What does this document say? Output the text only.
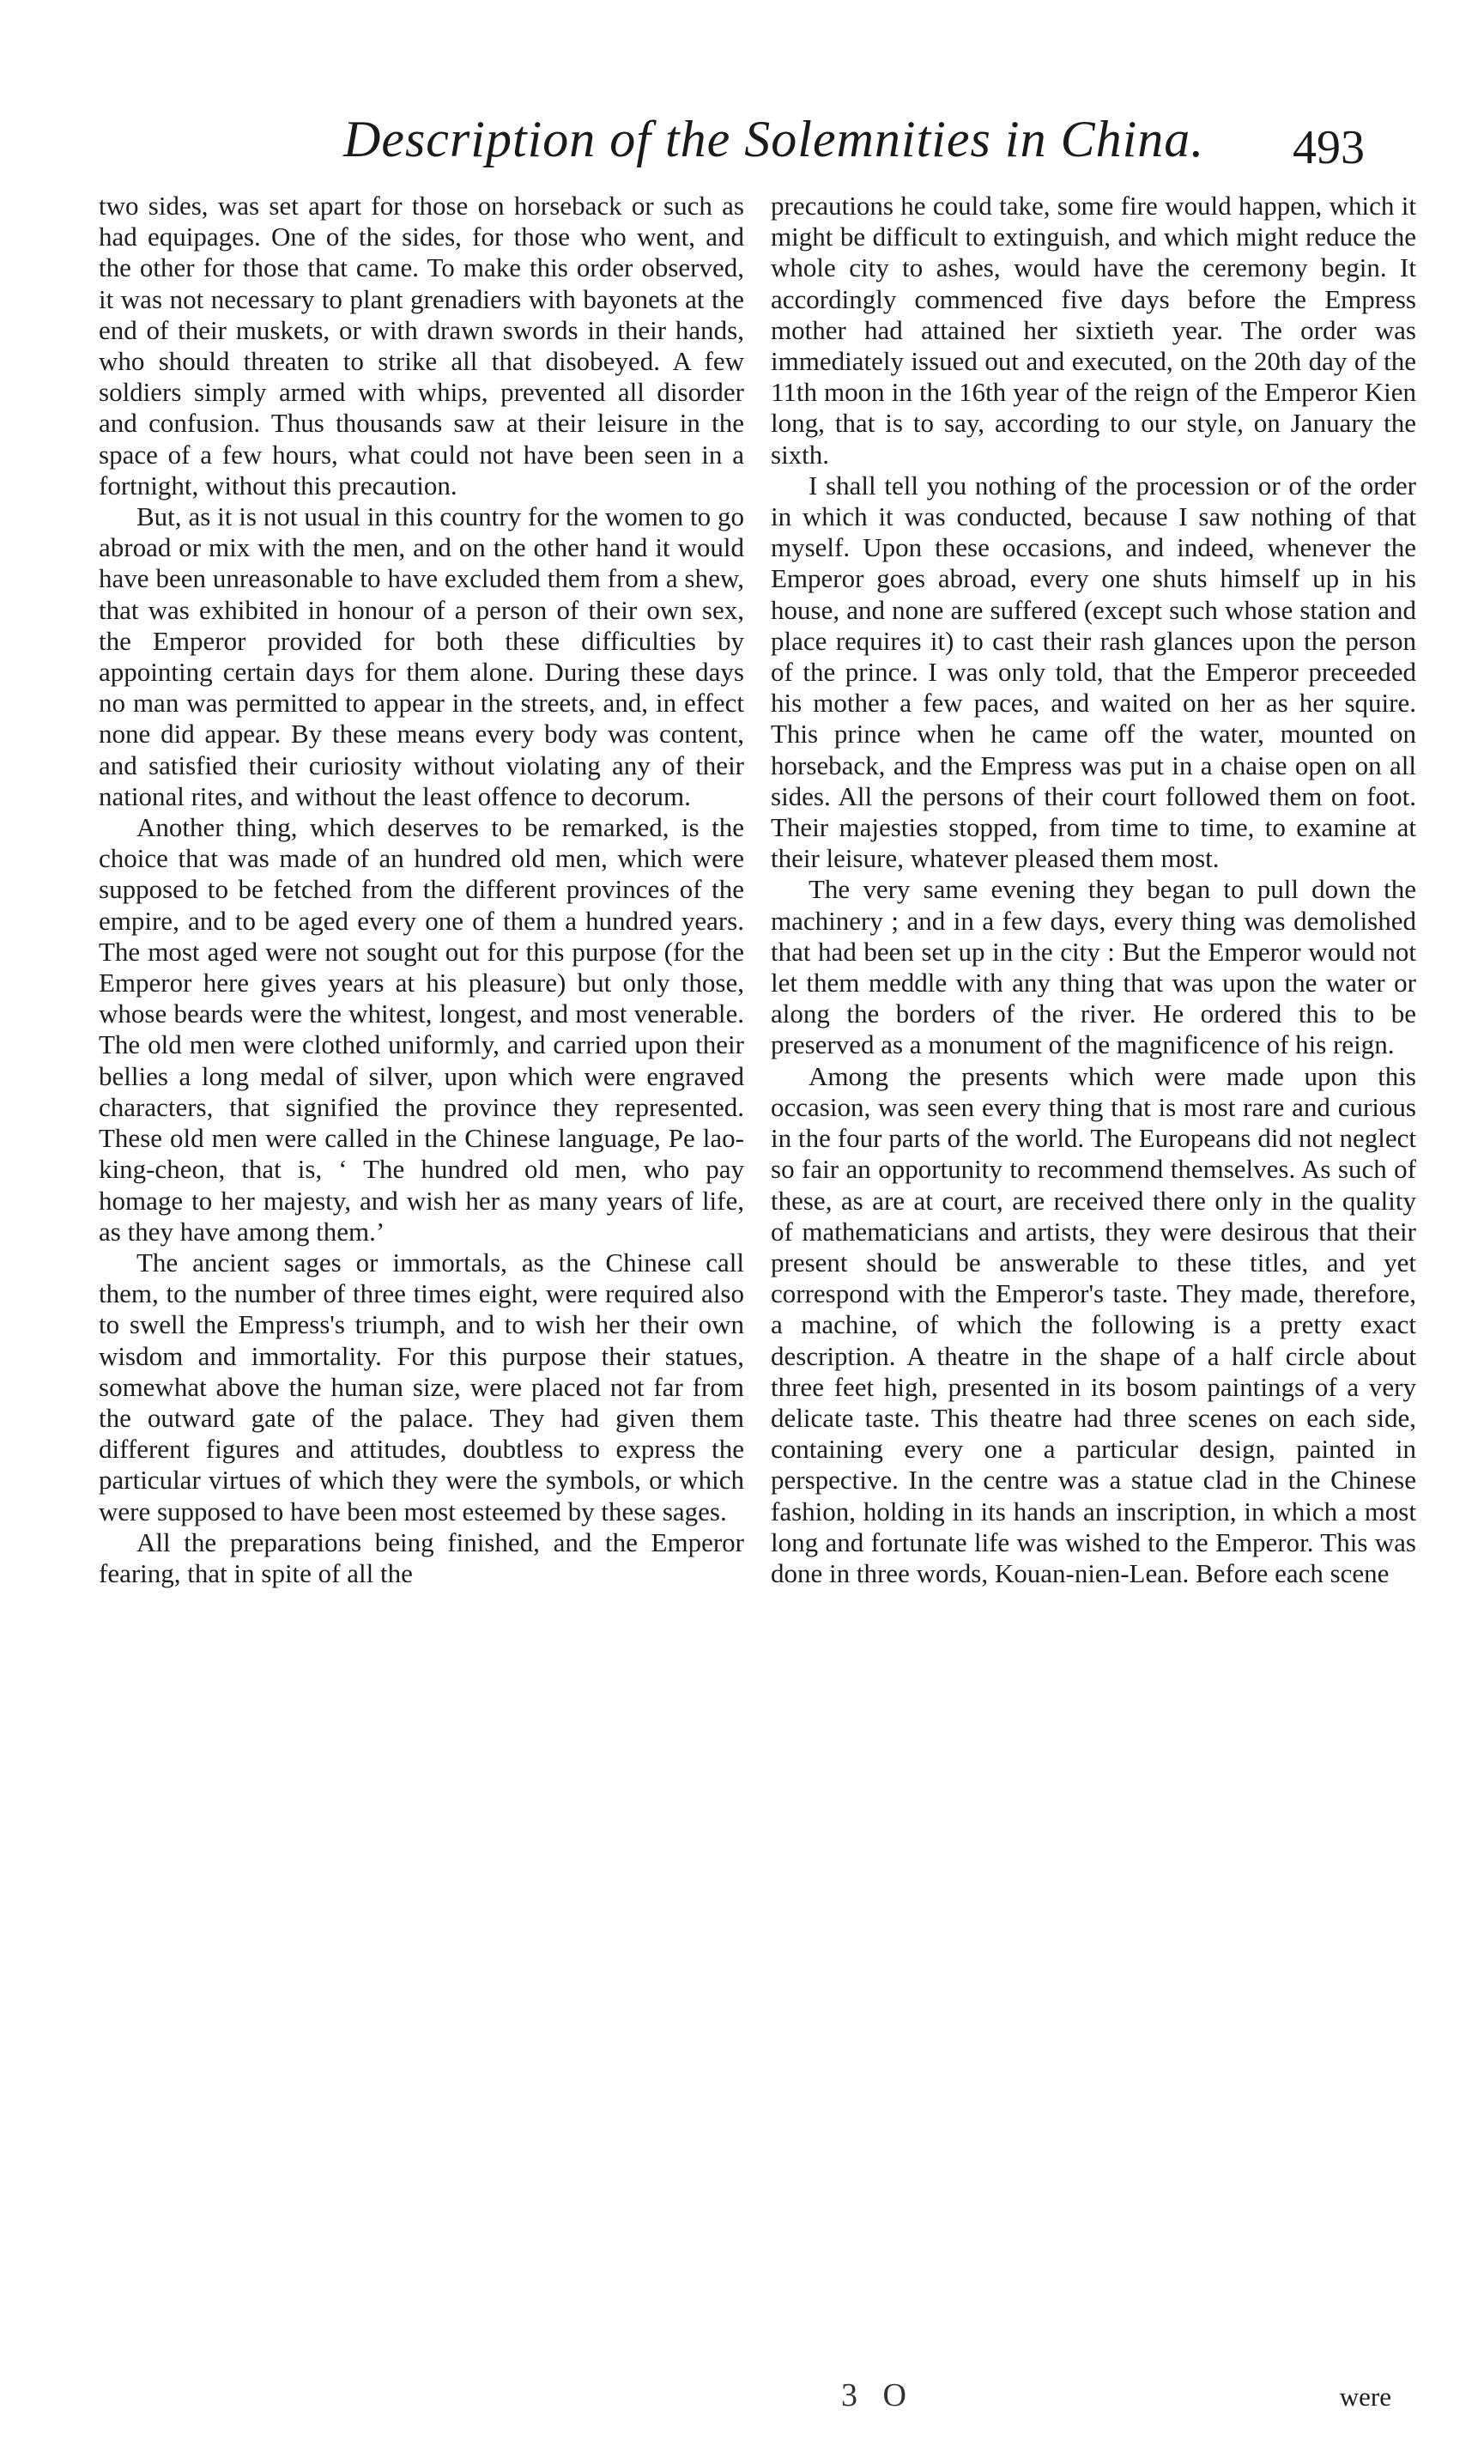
Description of the Solemnities in China. 493

two sides, was set apart for those on horseback or such as had equipages. One of the sides, for those who went, and the other for those that came. To make this order observed, it was not necessary to plant grenadiers with bayonets at the end of their muskets, or with drawn swords in their hands, who should threaten to strike all that disobeyed. A few soldiers simply armed with whips, prevented all disorder and confusion. Thus thousands saw at their leisure in the space of a few hours, what could not have been seen in a fortnight, without this precaution.

But, as it is not usual in this country for the women to go abroad or mix with the men, and on the other hand it would have been unreasonable to have excluded them from a shew, that was exhibited in honour of a person of their own sex, the Emperor provided for both these difficulties by appointing certain days for them alone. During these days no man was permitted to appear in the streets, and, in effect none did appear. By these means every body was content, and satisfied their curiosity without violating any of their national rites, and without the least offence to decorum.

Another thing, which deserves to be remarked, is the choice that was made of an hundred old men, which were supposed to be fetched from the different provinces of the empire, and to be aged every one of them a hundred years. The most aged were not sought out for this purpose (for the Emperor here gives years at his pleasure) but only those, whose beards were the whitest, longest, and most venerable. The old men were clothed uniformly, and carried upon their bellies a long medal of silver, upon which were engraved characters, that signified the province they represented. These old men were called in the Chinese language, Pe lao-king-cheon, that is, ‘ The hundred old men, who pay homage to her majesty, and wish her as many years of life, as they have among them.’

The ancient sages or immortals, as the Chinese call them, to the number of three times eight, were required also to swell the Empress's triumph, and to wish her their own wisdom and immortality. For this purpose their statues, somewhat above the human size, were placed not far from the outward gate of the palace. They had given them different figures and attitudes, doubtless to express the particular virtues of which they were the symbols, or which were supposed to have been most esteemed by these sages.

All the preparations being finished, and the Emperor fearing, that in spite of all the

precautions he could take, some fire would happen, which it might be difficult to extinguish, and which might reduce the whole city to ashes, would have the ceremony begin. It accordingly commenced five days before the Empress mother had attained her sixtieth year. The order was immediately issued out and executed, on the 20th day of the 11th moon in the 16th year of the reign of the Emperor Kien long, that is to say, according to our style, on January the sixth.

I shall tell you nothing of the procession or of the order in which it was conducted, because I saw nothing of that myself. Upon these occasions, and indeed, whenever the Emperor goes abroad, every one shuts himself up in his house, and none are suffered (except such whose station and place requires it) to cast their rash glances upon the person of the prince. I was only told, that the Emperor preceeded his mother a few paces, and waited on her as her squire. This prince when he came off the water, mounted on horseback, and the Empress was put in a chaise open on all sides. All the persons of their court followed them on foot. Their majesties stopped, from time to time, to examine at their leisure, whatever pleased them most.

The very same evening they began to pull down the machinery ; and in a few days, every thing was demolished that had been set up in the city : But the Emperor would not let them meddle with any thing that was upon the water or along the borders of the river. He ordered this to be preserved as a monument of the magnificence of his reign.

Among the presents which were made upon this occasion, was seen every thing that is most rare and curious in the four parts of the world. The Europeans did not neglect so fair an opportunity to recommend themselves. As such of these, as are at court, are received there only in the quality of mathematicians and artists, they were desirous that their present should be answerable to these titles, and yet correspond with the Emperor's taste. They made, therefore, a machine, of which the following is a pretty exact description. A theatre in the shape of a half circle about three feet high, presented in its bosom paintings of a very delicate taste. This theatre had three scenes on each side, containing every one a particular design, painted in perspective. In the centre was a statue clad in the Chinese fashion, holding in its hands an inscription, in which a most long and fortunate life was wished to the Emperor. This was done in three words, Kouan-nien-Lean. Before each scene

3 O	were
